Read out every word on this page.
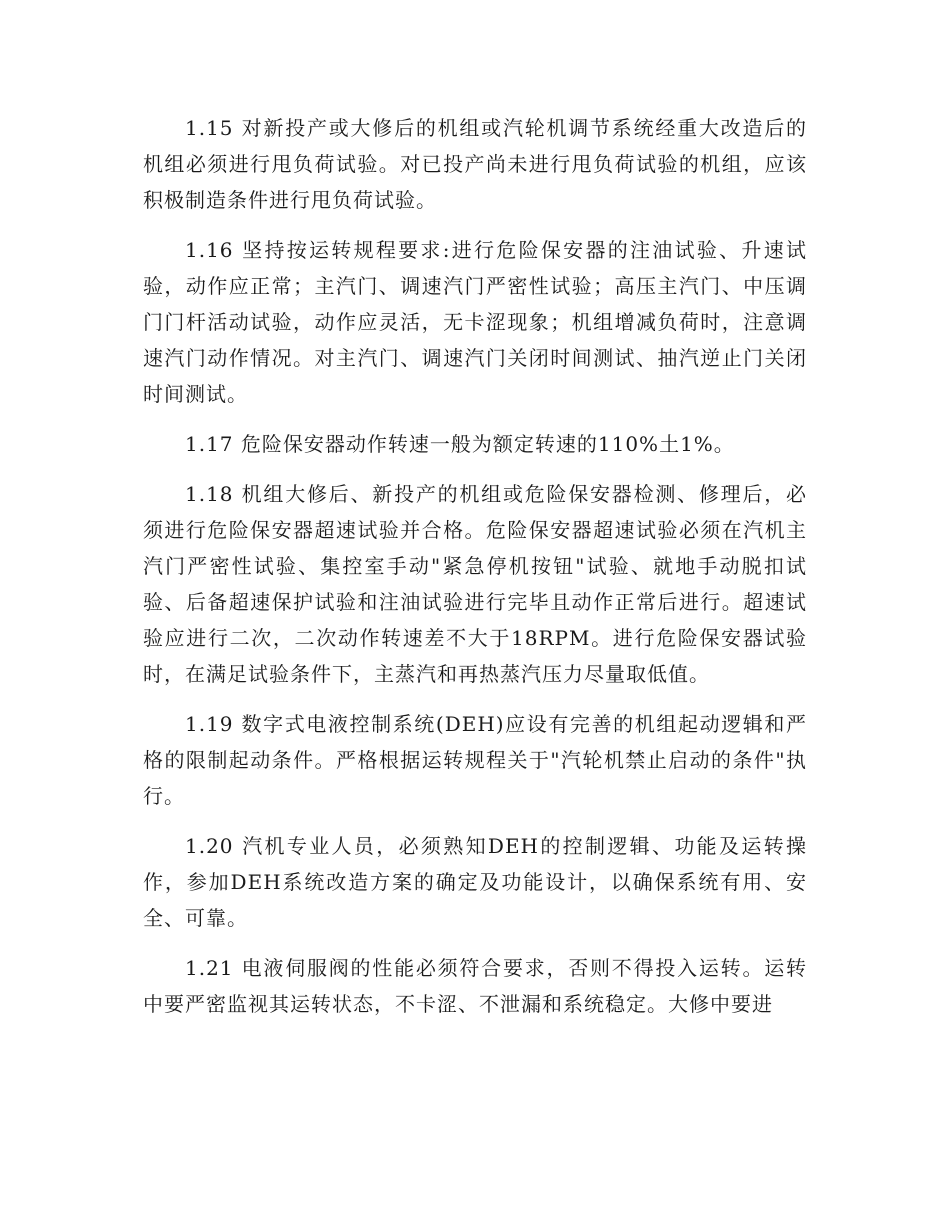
1.15 对新投产或大修后的机组或汽轮机调节系统经重大改造后的机组必须进行甩负荷试验。对已投产尚未进行甩负荷试验的机组，应该积极制造条件进行甩负荷试验。

1.16 坚持按运转规程要求:进行危险保安器的注油试验、升速试验，动作应正常；主汽门、调速汽门严密性试验；高压主汽门、中压调门门杆活动试验，动作应灵活，无卡涩现象；机组增减负荷时，注意调速汽门动作情况。对主汽门、调速汽门关闭时间测试、抽汽逆止门关闭时间测试。

1.17 危险保安器动作转速一般为额定转速的110%土1%。

1.18 机组大修后、新投产的机组或危险保安器检测、修理后，必须进行危险保安器超速试验并合格。危险保安器超速试验必须在汽机主汽门严密性试验、集控室手动"紧急停机按钮"试验、就地手动脱扣试验、后备超速保护试验和注油试验进行完毕且动作正常后进行。超速试验应进行二次，二次动作转速差不大于18RPM。进行危险保安器试验时，在满足试验条件下，主蒸汽和再热蒸汽压力尽量取低值。

1.19 数字式电液控制系统(DEH)应设有完善的机组起动逻辑和严格的限制起动条件。严格根据运转规程关于"汽轮机禁止启动的条件"执行。

1.20 汽机专业人员，必须熟知DEH的控制逻辑、功能及运转操作，参加DEH系统改造方案的确定及功能设计，以确保系统有用、安全、可靠。

1.21 电液伺服阀的性能必须符合要求，否则不得投入运转。运转中要严密监视其运转状态，不卡涩、不泄漏和系统稳定。大修中要进
